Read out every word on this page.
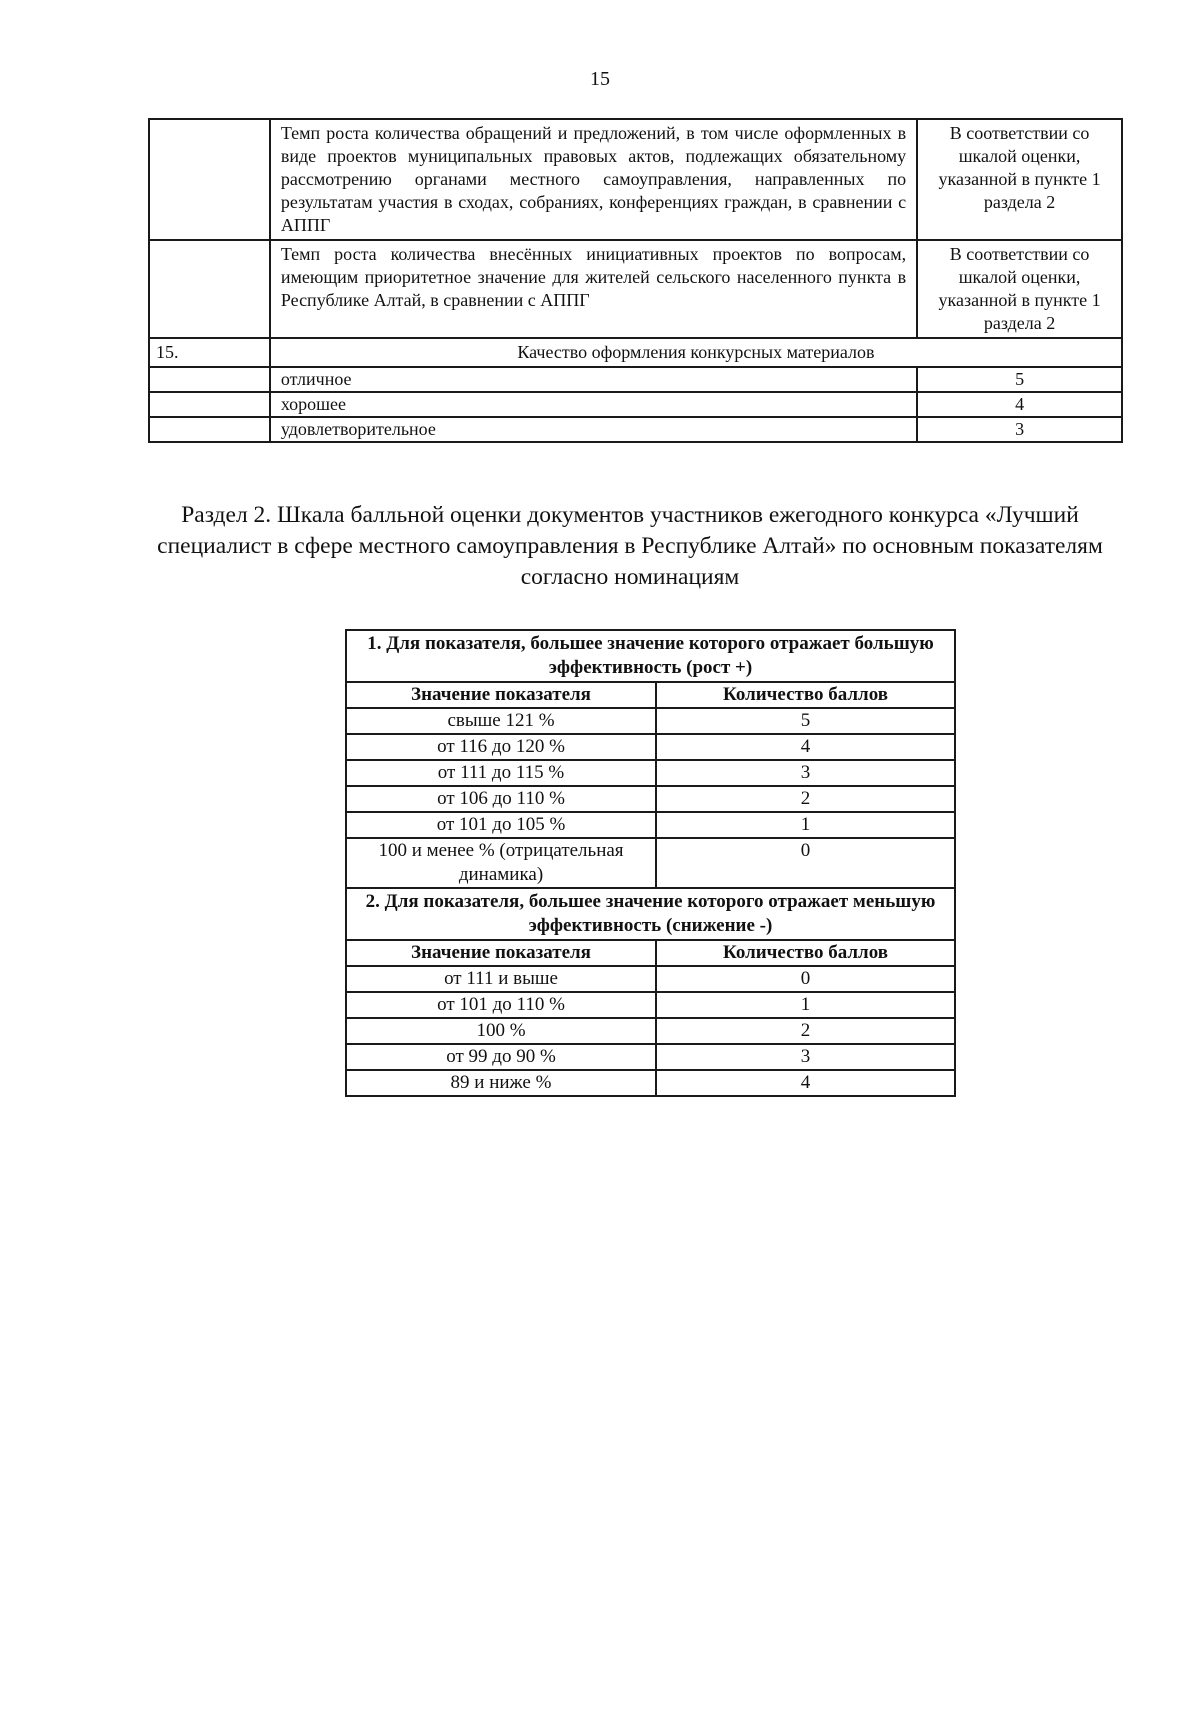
15
	Темп роста количества обращений и предложений, в том числе оформленных в виде проектов муниципальных правовых актов, подлежащих обязательному рассмотрению органами местного самоуправления, направленных по результатам участия в сходах, собраниях, конференциях граждан, в сравнении с АППГ	В соответствии со шкалой оценки, указанной в пункте 1 раздела 2
	Темп роста количества внесённых инициативных проектов по вопросам, имеющим приоритетное значение для жителей сельского населенного пункта в Республике Алтай, в сравнении с АППГ	В соответствии со шкалой оценки, указанной в пункте 1 раздела 2
15.	Качество оформления конкурсных материалов	
	отличное	5
	хорошее	4
	удовлетворительное	3
Раздел 2. Шкала балльной оценки документов участников ежегодного конкурса «Лучший специалист в сфере местного самоуправления в Республике Алтай» по основным показателям согласно номинациям
1. Для показателя, большее значение которого отражает большую эффективность (рост +)	
Значение показателя	Количество баллов
свыше 121 %	5
от 116 до 120 %	4
от 111 до 115 %	3
от 106 до 110 %	2
от 101 до 105 %	1
100 и менее % (отрицательная динамика)	0
2. Для показателя, большее значение которого отражает меньшую эффективность (снижение -)	
Значение показателя	Количество баллов
от 111 и выше	0
от 101 до 110 %	1
100 %	2
от 99 до 90 %	3
89 и ниже %	4
